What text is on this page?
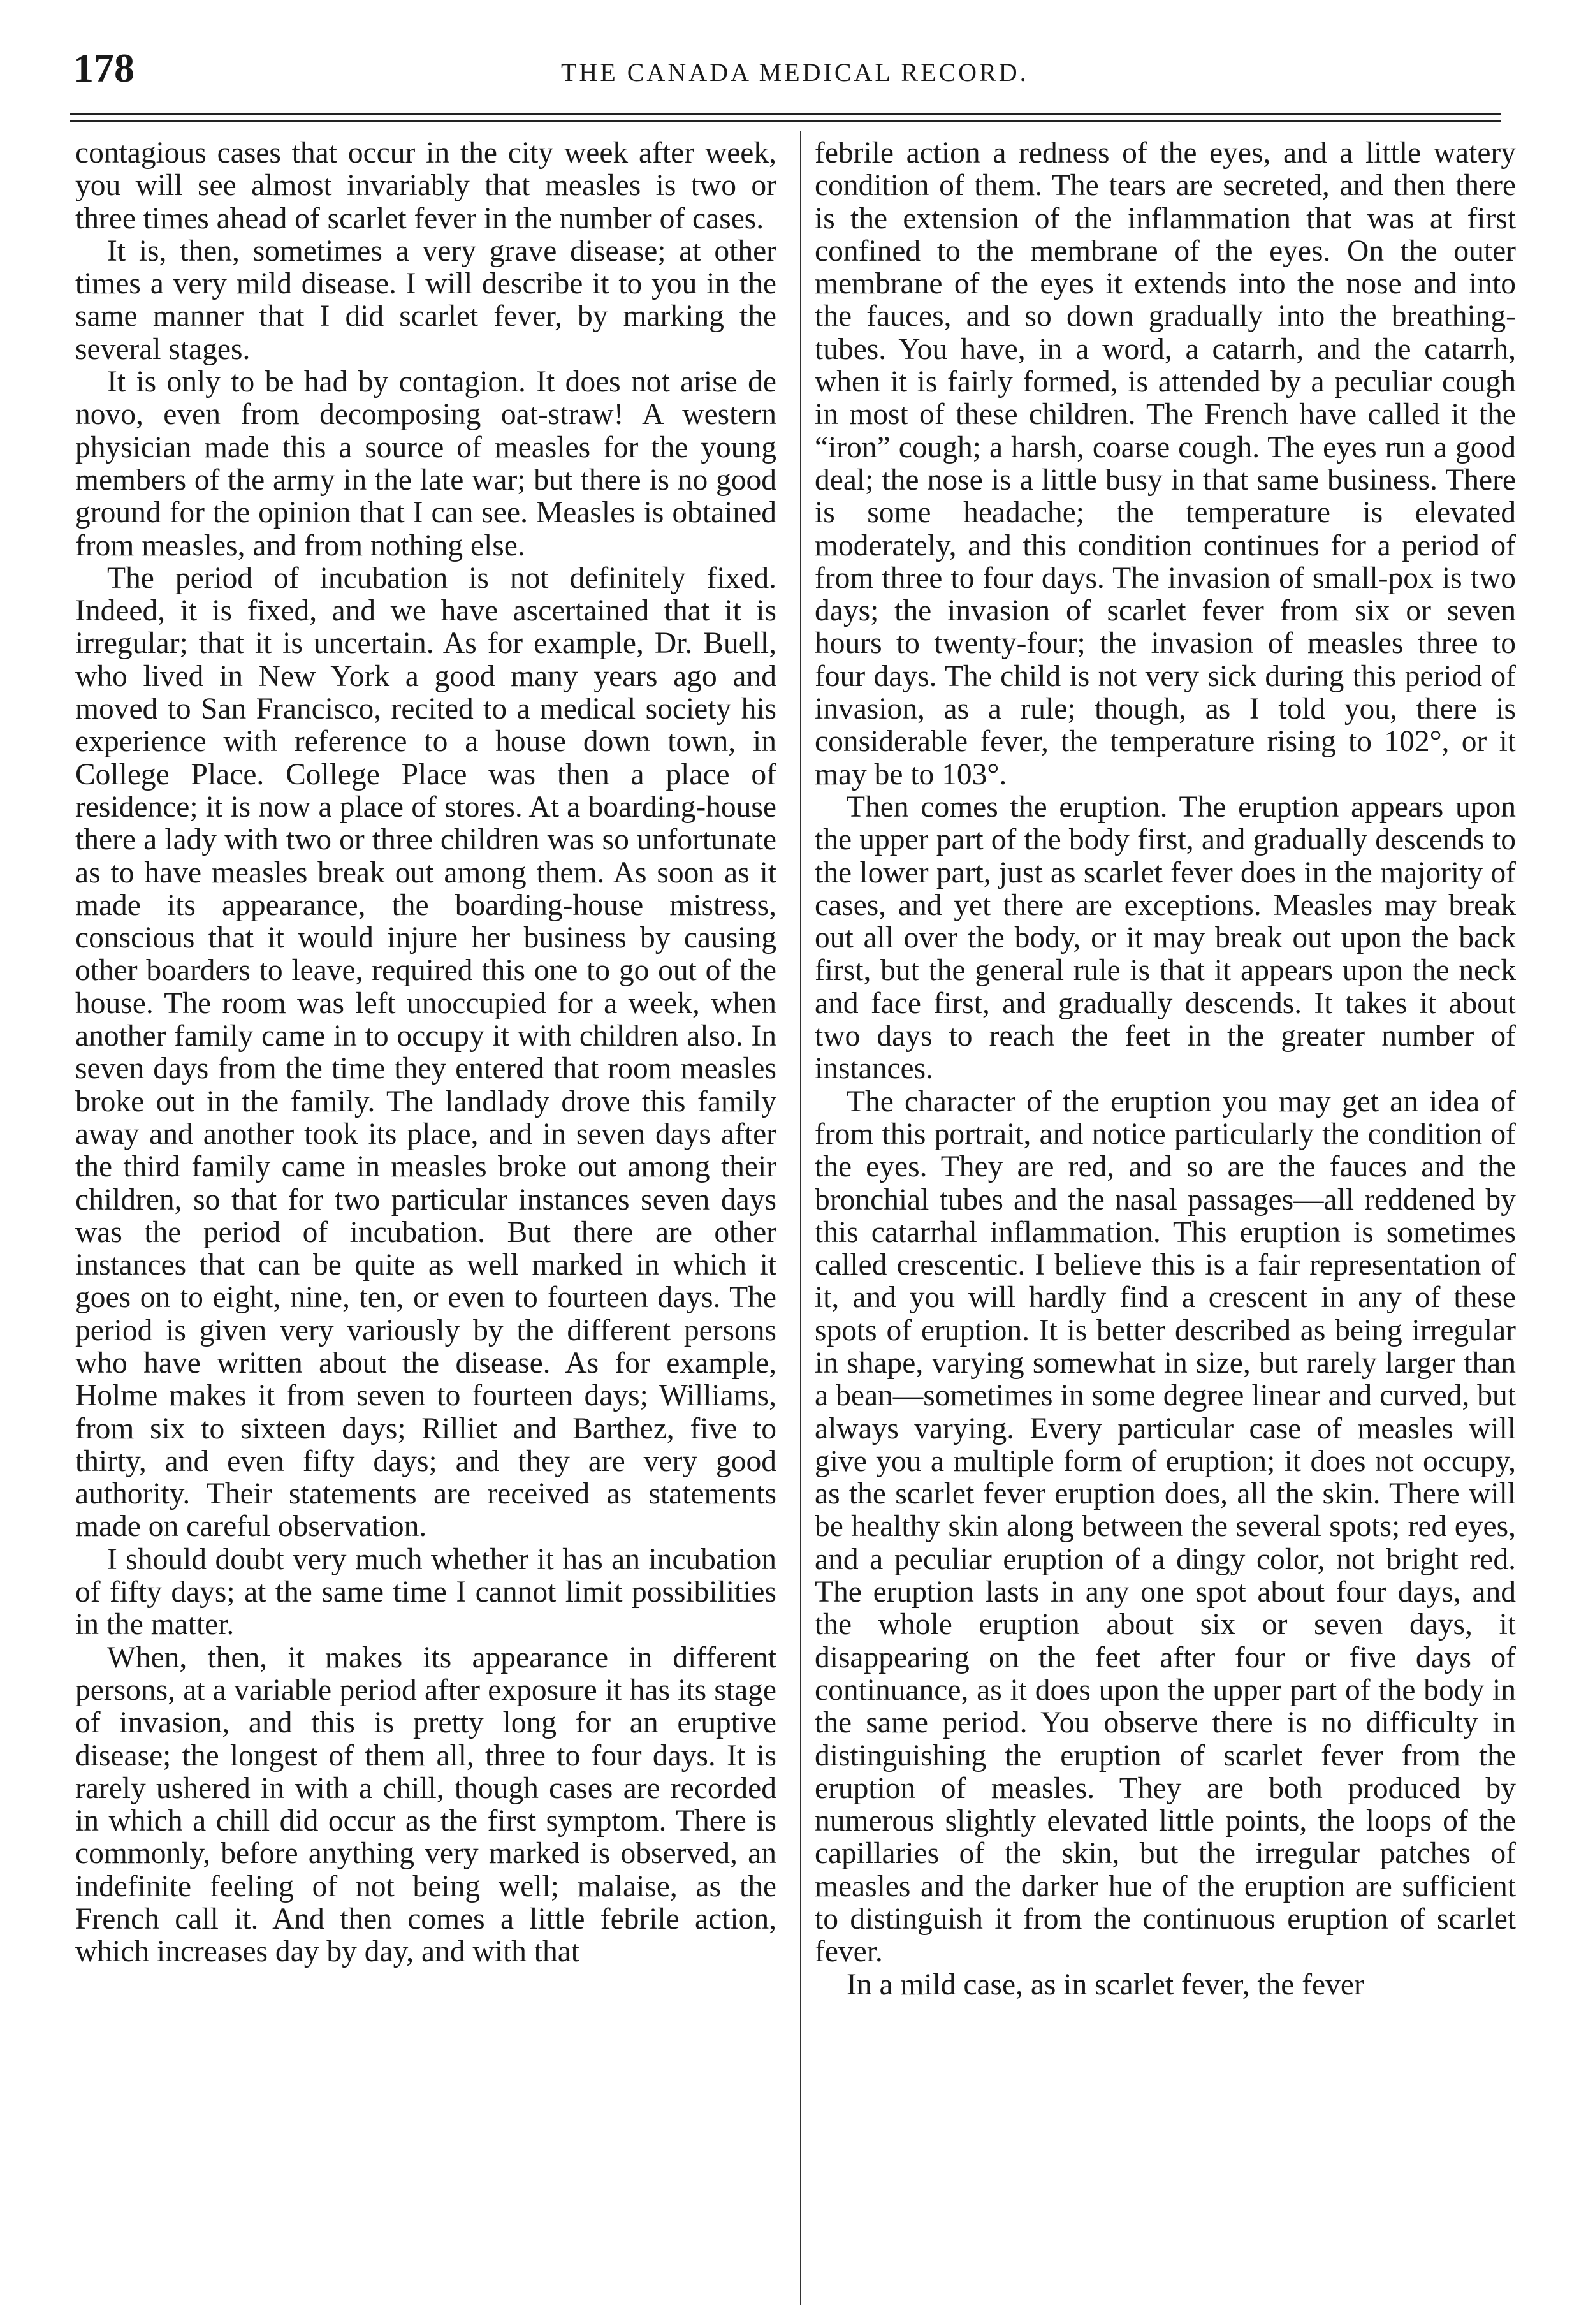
178	THE CANADA MEDICAL RECORD.

contagious cases that occur in the city week after week, you will see almost invariably that measles is two or three times ahead of scarlet fever in the number of cases.

It is, then, sometimes a very grave disease; at other times a very mild disease. I will describe it to you in the same manner that I did scarlet fever, by marking the several stages.

It is only to be had by contagion. It does not arise de novo, even from decomposing oat-straw! A western physician made this a source of measles for the young members of the army in the late war; but there is no good ground for the opinion that I can see. Measles is obtained from measles, and from nothing else.

The period of incubation is not definitely fixed. Indeed, it is fixed, and we have ascertained that it is irregular; that it is uncertain. As for example, Dr. Buell, who lived in New York a good many years ago and moved to San Francisco, recited to a medical society his experience with reference to a house down town, in College Place. College Place was then a place of residence; it is now a place of stores. At a boarding-house there a lady with two or three children was so unfortunate as to have measles break out among them. As soon as it made its appearance, the boarding-house mistress, conscious that it would injure her business by causing other boarders to leave, required this one to go out of the house. The room was left unoccupied for a week, when another family came in to occupy it with children also. In seven days from the time they entered that room measles broke out in the family. The landlady drove this family away and another took its place, and in seven days after the third family came in measles broke out among their children, so that for two particular instances seven days was the period of incubation. But there are other instances that can be quite as well marked in which it goes on to eight, nine, ten, or even to fourteen days. The period is given very variously by the different persons who have written about the disease. As for example, Holme makes it from seven to fourteen days; Williams, from six to sixteen days; Rilliet and Barthez, five to thirty, and even fifty days; and they are very good authority. Their statements are received as statements made on careful observation.

I should doubt very much whether it has an incubation of fifty days; at the same time I cannot limit possibilities in the matter.

When, then, it makes its appearance in different persons, at a variable period after exposure it has its stage of invasion, and this is pretty long for an eruptive disease; the longest of them all, three to four days. It is rarely ushered in with a chill, though cases are recorded in which a chill did occur as the first symptom. There is commonly, before anything very marked is observed, an indefinite feeling of not being well; malaise, as the French call it. And then comes a little febrile action, which increases day by day, and with that

febrile action a redness of the eyes, and a little watery condition of them. The tears are secreted, and then there is the extension of the inflammation that was at first confined to the membrane of the eyes. On the outer membrane of the eyes it extends into the nose and into the fauces, and so down gradually into the breathing-tubes. You have, in a word, a catarrh, and the catarrh, when it is fairly formed, is attended by a peculiar cough in most of these children. The French have called it the “iron” cough; a harsh, coarse cough. The eyes run a good deal; the nose is a little busy in that same business. There is some headache; the temperature is elevated moderately, and this condition continues for a period of from three to four days. The invasion of small-pox is two days; the invasion of scarlet fever from six or seven hours to twenty-four; the invasion of measles three to four days. The child is not very sick during this period of invasion, as a rule; though, as I told you, there is considerable fever, the temperature rising to 102°, or it may be to 103°.

Then comes the eruption. The eruption appears upon the upper part of the body first, and gradually descends to the lower part, just as scarlet fever does in the majority of cases, and yet there are exceptions. Measles may break out all over the body, or it may break out upon the back first, but the general rule is that it appears upon the neck and face first, and gradually descends. It takes it about two days to reach the feet in the greater number of instances.

The character of the eruption you may get an idea of from this portrait, and notice particularly the condition of the eyes. They are red, and so are the fauces and the bronchial tubes and the nasal passages—all reddened by this catarrhal inflammation. This eruption is sometimes called crescentic. I believe this is a fair representation of it, and you will hardly find a crescent in any of these spots of eruption. It is better described as being irregular in shape, varying somewhat in size, but rarely larger than a bean—sometimes in some degree linear and curved, but always varying. Every particular case of measles will give you a multiple form of eruption; it does not occupy, as the scarlet fever eruption does, all the skin. There will be healthy skin along between the several spots; red eyes, and a peculiar eruption of a dingy color, not bright red. The eruption lasts in any one spot about four days, and the whole eruption about six or seven days, it disappearing on the feet after four or five days of continuance, as it does upon the upper part of the body in the same period. You observe there is no difficulty in distinguishing the eruption of scarlet fever from the eruption of measles. They are both produced by numerous slightly elevated little points, the loops of the capillaries of the skin, but the irregular patches of measles and the darker hue of the eruption are sufficient to distinguish it from the continuous eruption of scarlet fever.

In a mild case, as in scarlet fever, the fever
